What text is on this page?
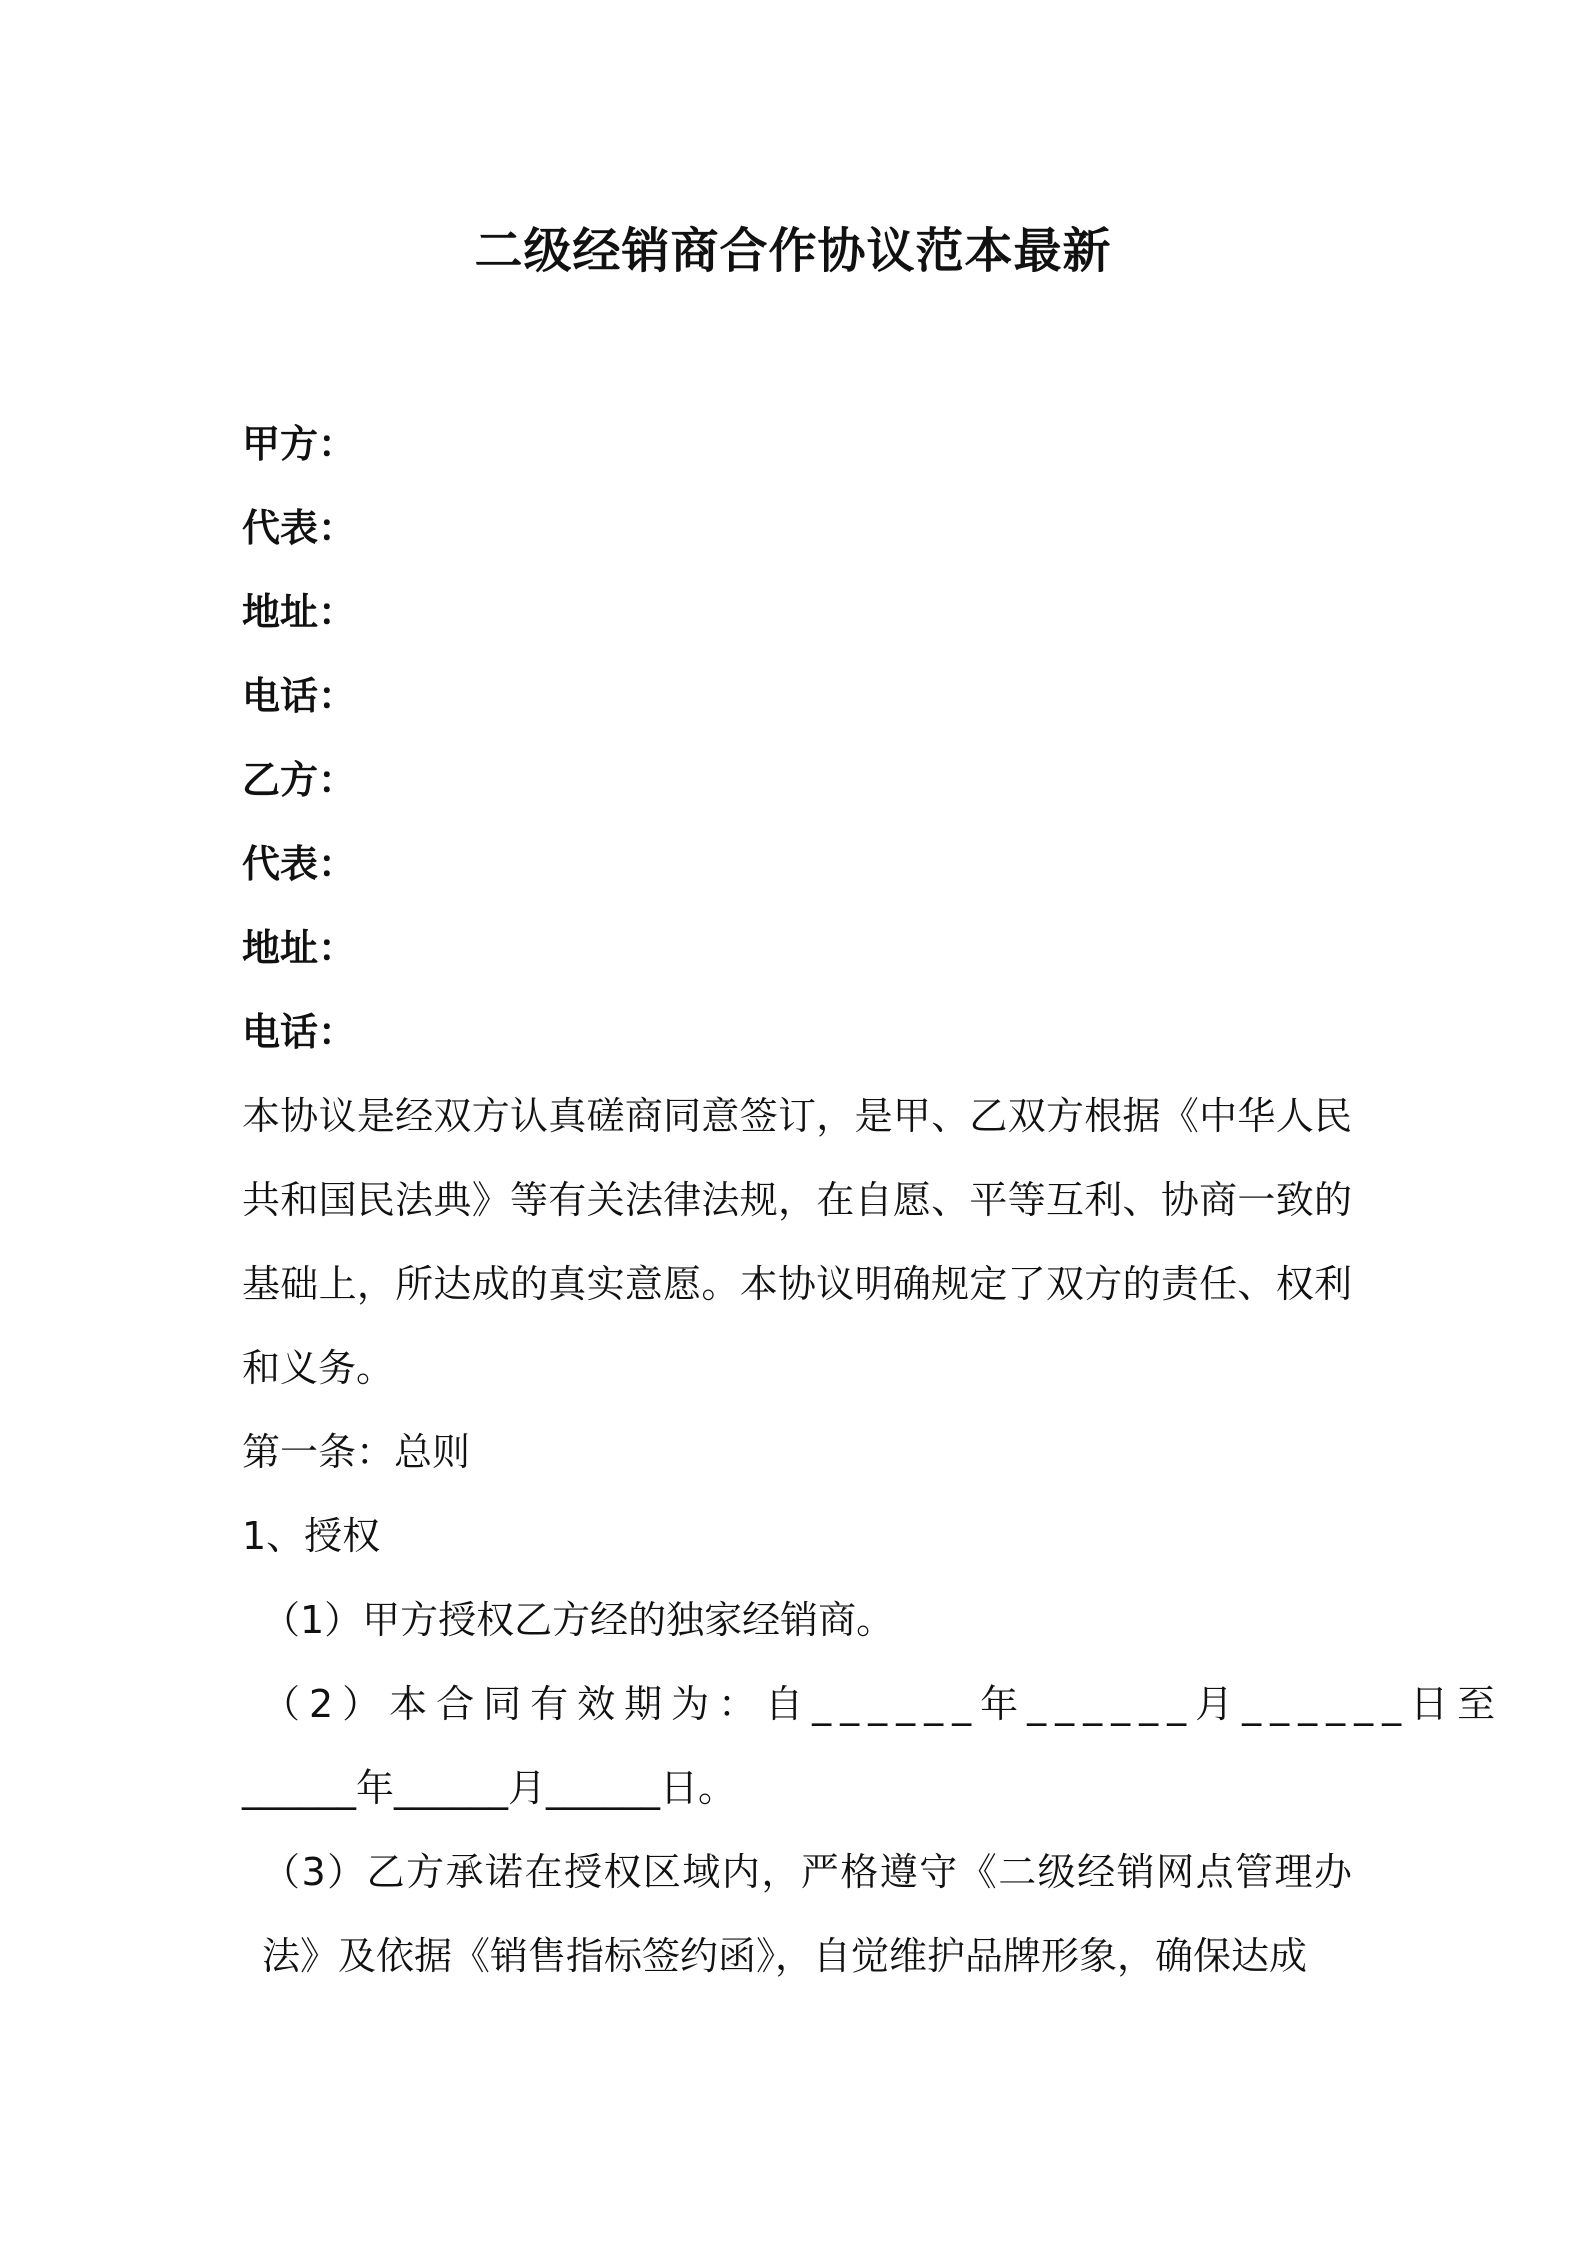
二级经销商合作协议范本最新
甲方：
代表：
地址：
电话：
乙方：
代表：
地址：
电话：
本协议是经双方认真磋商同意签订，是甲、乙双方根据《中华人民共和国民法典》等有关法律法规，在自愿、平等互利、协商一致的基础上，所达成的真实意愿。本协议明确规定了双方的责任、权利和义务。
第一条：总则
1、授权
（1）甲方授权乙方经的独家经销商。
（2）本合同有效期为：自______年______月______日至
______年______月______日。
（3）乙方承诺在授权区域内，严格遵守《二级经销网点管理办法》及依据《销售指标签约函》，自觉维护品牌形象，确保达成
